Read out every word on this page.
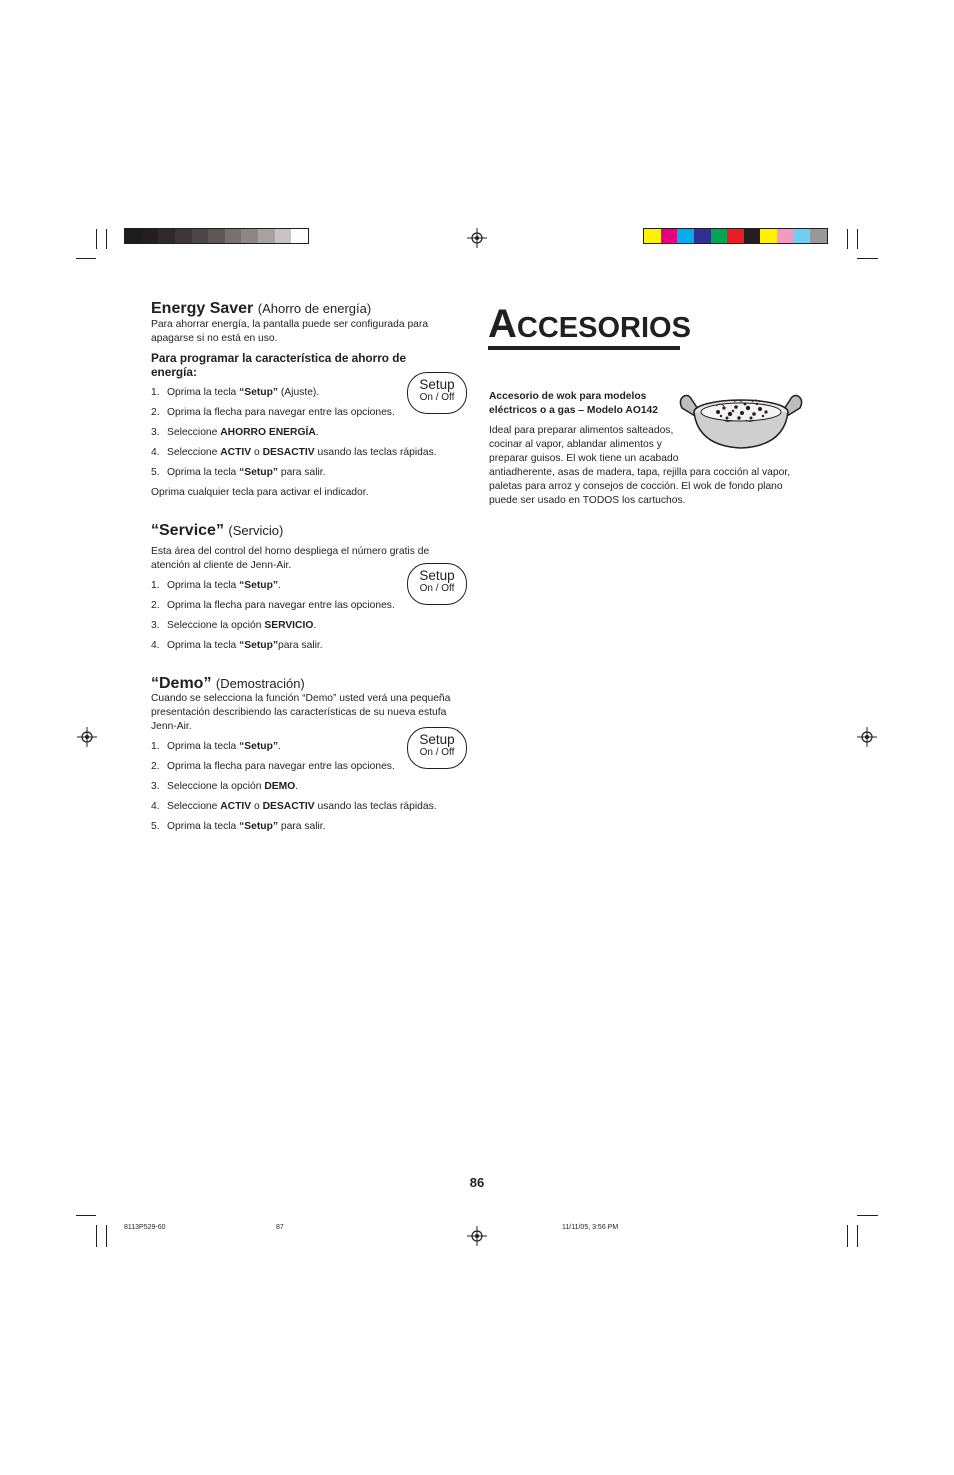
Energy Saver (Ahorro de energía)
Para ahorrar energía, la pantalla puede ser configurada para apagarse si no está en uso.
Para programar la característica de ahorro de energía:
1. Oprima la tecla “Setup” (Ajuste).
2. Oprima la flecha para navegar entre las opciones.
3. Seleccione AHORRO ENERGÍA.
4. Seleccione ACTIV o DESACTIV usando las teclas rápidas.
5. Oprima la tecla “Setup” para salir.
Oprima cualquier tecla para activar el indicador.
Setup
On / Off
“Service” (Servicio)
Esta área del control del horno despliega el número gratis de atención al cliente de Jenn-Air.
1. Oprima la tecla “Setup”.
2. Oprima la flecha para navegar entre las opciones.
3. Seleccione la opción SERVICIO.
4. Oprima la tecla “Setup”para salir.
Setup
On / Off
“Demo” (Demostración)
Cuando se selecciona la función “Demo” usted verá una pequeña presentación describiendo las características de su nueva estufa Jenn-Air.
1. Oprima la tecla “Setup”.
2. Oprima la flecha para navegar entre las opciones.
3. Seleccione la opción DEMO.
4. Seleccione ACTIV o DESACTIV usando las teclas rápidas.
5. Oprima la tecla “Setup” para salir.
Setup
On / Off
ACCESORIOS
Accesorio de wok para modelos eléctricos o a gas – Modelo AO142
Ideal para preparar alimentos salteados, cocinar al vapor, ablandar alimentos y preparar guisos. El wok tiene un acabado
antiadherente, asas de madera, tapa, rejilla para cocción al vapor, paletas para arroz y consejos de cocción. El wok de fondo plano puede ser usado en TODOS los cartuchos.
86
8113P529-60	87	11/11/05, 3:56 PM
